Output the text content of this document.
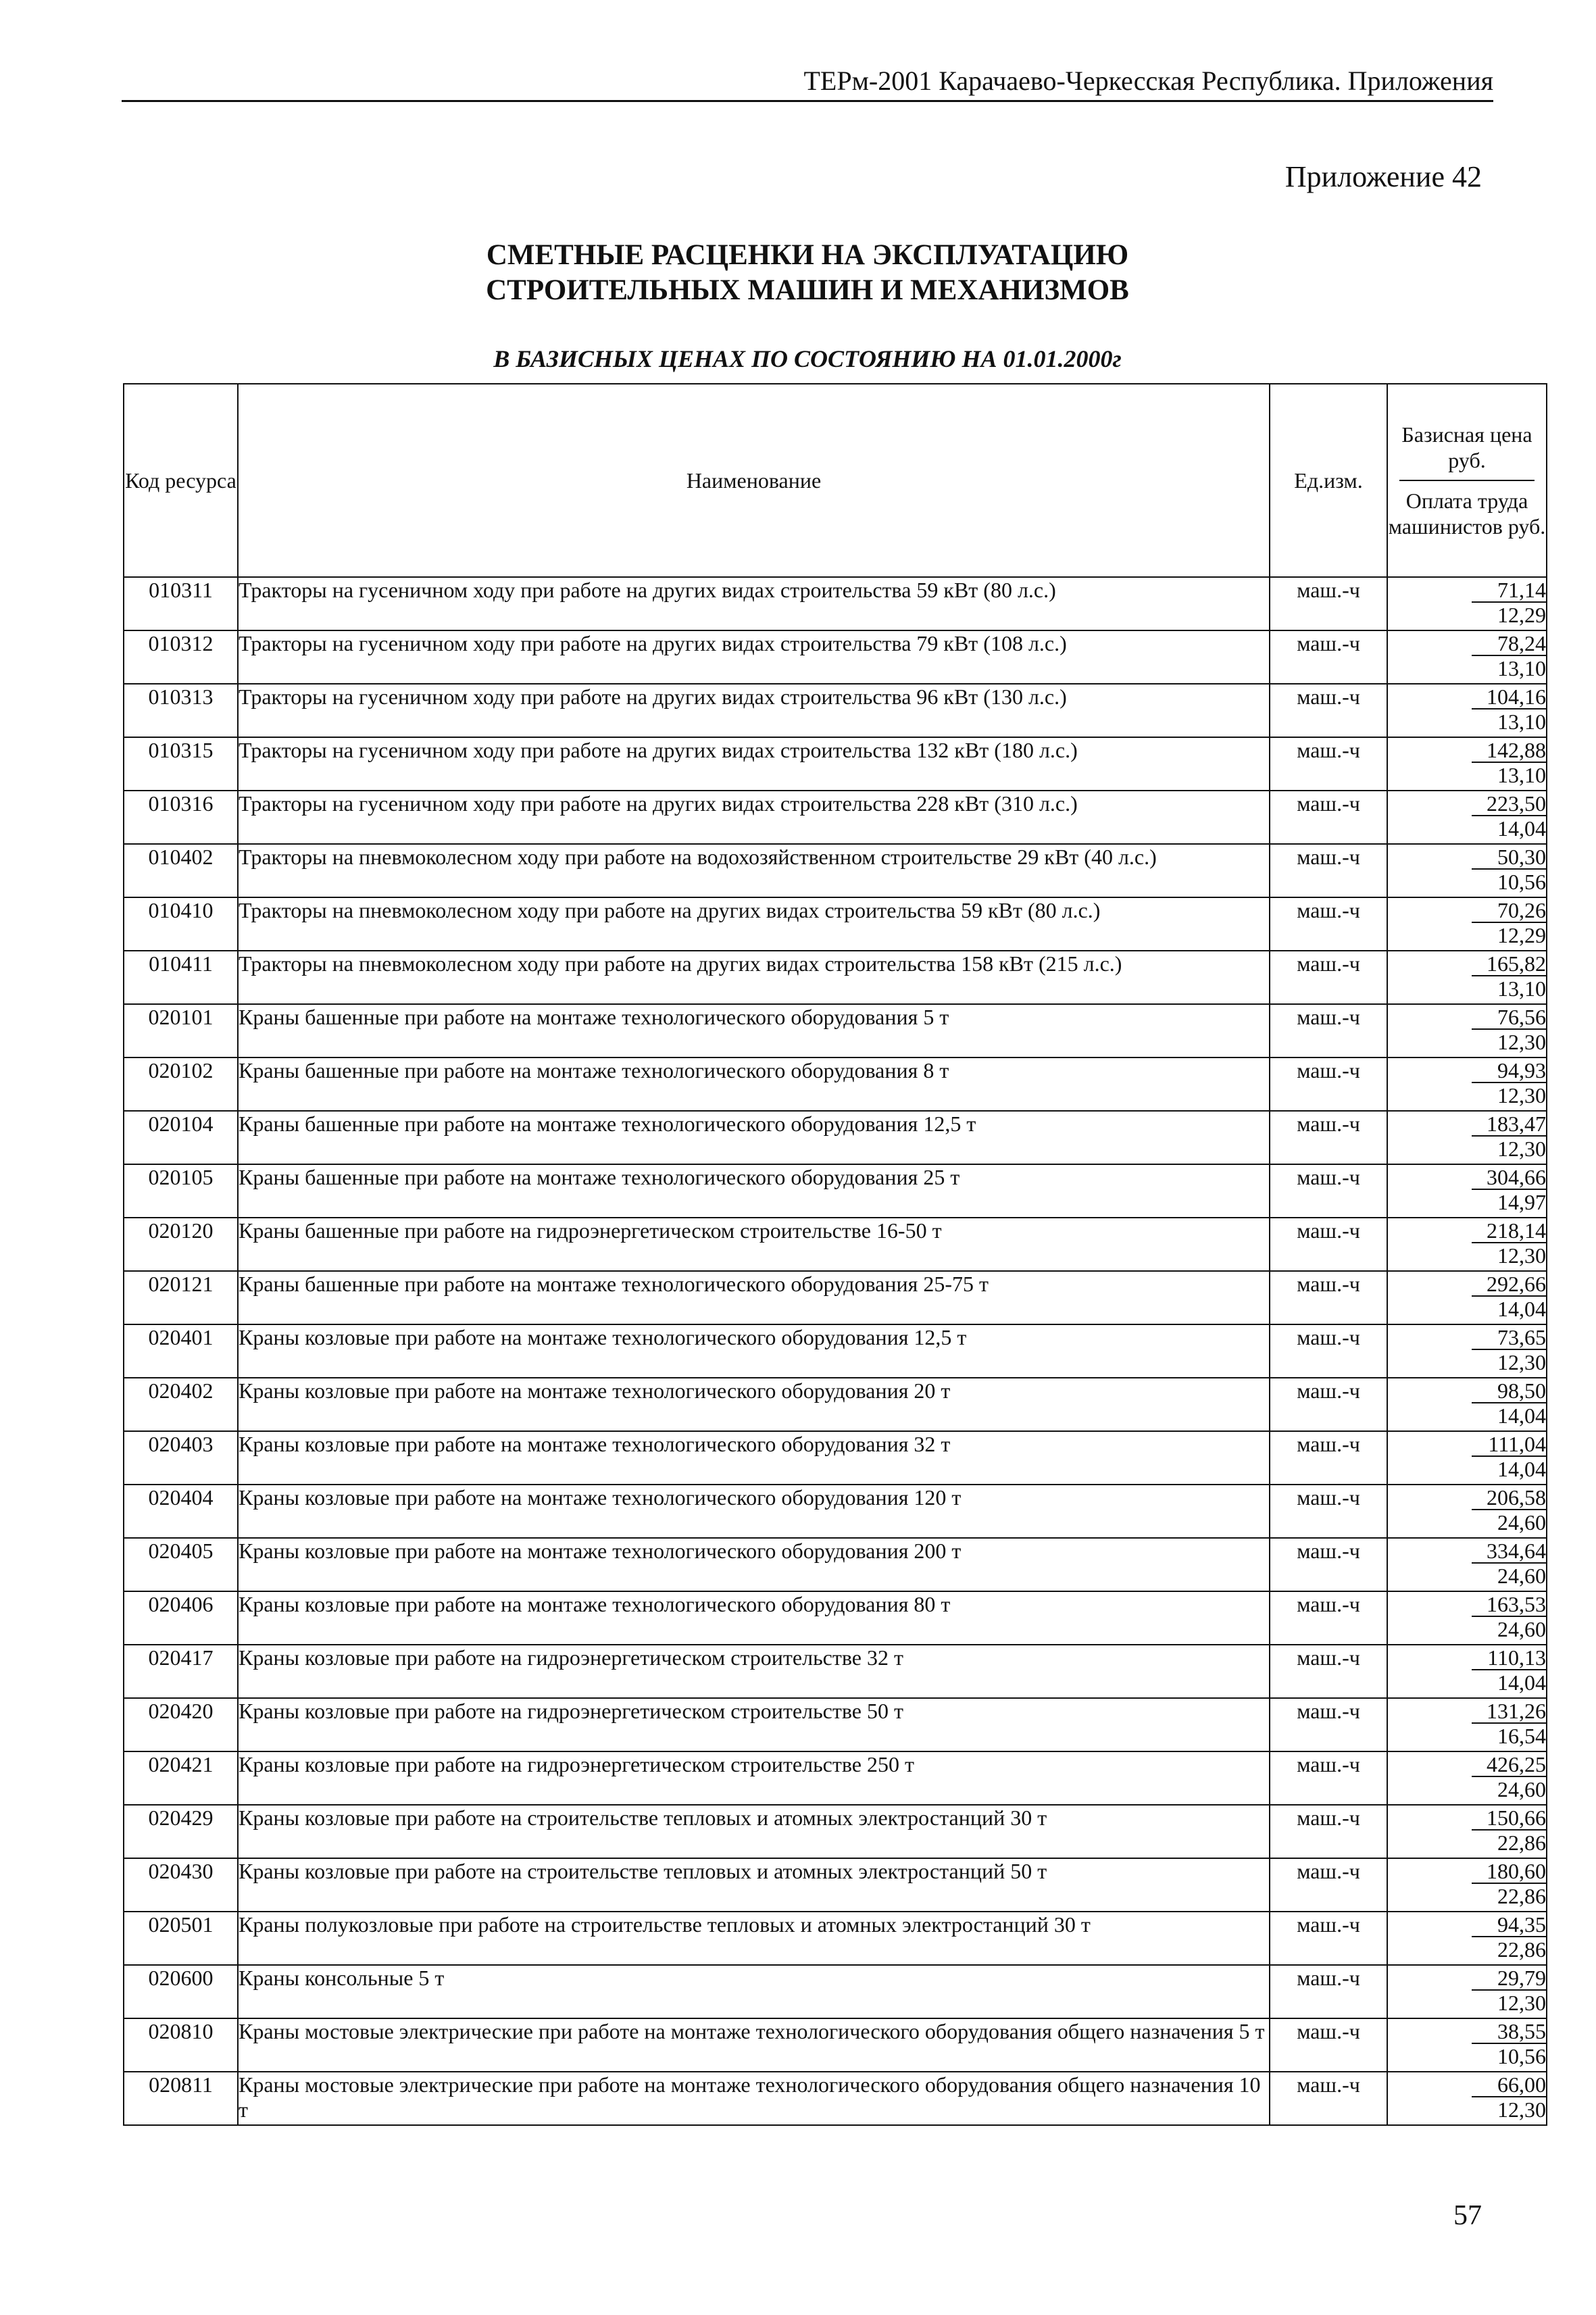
ТЕРм-2001 Карачаево-Черкесская Республика. Приложения
Приложение 42
СМЕТНЫЕ РАСЦЕНКИ НА ЭКСПЛУАТАЦИЮ
СТРОИТЕЛЬНЫХ МАШИН И МЕХАНИЗМОВ
В БАЗИСНЫХ ЦЕНАХ ПО СОСТОЯНИЮ НА 01.01.2000г
Код ресурса	Наименование	Ед.изм.	Базисная цена руб.
Оплата труда машинистов руб.

010311	Тракторы на гусеничном ходу при работе на других видах строительства 59 кВт (80 л.с.)	маш.-ч	71,14
12,29

010312	Тракторы на гусеничном ходу при работе на других видах строительства 79 кВт (108 л.с.)	маш.-ч	78,24
13,10

010313	Тракторы на гусеничном ходу при работе на других видах строительства 96 кВт (130 л.с.)	маш.-ч	104,16
13,10

010315	Тракторы на гусеничном ходу при работе на других видах строительства 132 кВт (180 л.с.)	маш.-ч	142,88
13,10

010316	Тракторы на гусеничном ходу при работе на других видах строительства 228 кВт (310 л.с.)	маш.-ч	223,50
14,04

010402	Тракторы на пневмоколесном ходу при работе на водохозяйственном строительстве 29 кВт (40 л.с.)	маш.-ч	50,30
10,56

010410	Тракторы на пневмоколесном ходу при работе на других видах строительства 59 кВт (80 л.с.)	маш.-ч	70,26
12,29

010411	Тракторы на пневмоколесном ходу при работе на других видах строительства 158 кВт (215 л.с.)	маш.-ч	165,82
13,10

020101	Краны башенные при работе на монтаже технологического оборудования 5 т	маш.-ч	76,56
12,30

020102	Краны башенные при работе на монтаже технологического оборудования 8 т	маш.-ч	94,93
12,30

020104	Краны башенные при работе на монтаже технологического оборудования 12,5 т	маш.-ч	183,47
12,30

020105	Краны башенные при работе на монтаже технологического оборудования 25 т	маш.-ч	304,66
14,97

020120	Краны башенные при работе на гидроэнергетическом строительстве 16-50 т	маш.-ч	218,14
12,30

020121	Краны башенные при работе на монтаже технологического оборудования 25-75 т	маш.-ч	292,66
14,04

020401	Краны козловые при работе на монтаже технологического оборудования 12,5 т	маш.-ч	73,65
12,30

020402	Краны козловые при работе на монтаже технологического оборудования 20 т	маш.-ч	98,50
14,04

020403	Краны козловые при работе на монтаже технологического оборудования 32 т	маш.-ч	111,04
14,04

020404	Краны козловые при работе на монтаже технологического оборудования 120 т	маш.-ч	206,58
24,60

020405	Краны козловые при работе на монтаже технологического оборудования 200 т	маш.-ч	334,64
24,60

020406	Краны козловые при работе на монтаже технологического оборудования 80 т	маш.-ч	163,53
24,60

020417	Краны козловые при работе на гидроэнергетическом строительстве 32 т	маш.-ч	110,13
14,04

020420	Краны козловые при работе на гидроэнергетическом строительстве 50 т	маш.-ч	131,26
16,54

020421	Краны козловые при работе на гидроэнергетическом строительстве 250 т	маш.-ч	426,25
24,60

020429	Краны козловые при работе на строительстве тепловых и атомных электростанций 30 т	маш.-ч	150,66
22,86

020430	Краны козловые при работе на строительстве тепловых и атомных электростанций 50 т	маш.-ч	180,60
22,86

020501	Краны полукозловые при работе на строительстве тепловых и атомных электростанций 30 т	маш.-ч	94,35
22,86

020600	Краны консольные 5 т	маш.-ч	29,79
12,30

020810	Краны мостовые электрические при работе на монтаже технологического оборудования общего назначения 5 т	маш.-ч	38,55
10,56

020811	Краны мостовые электрические при работе на монтаже технологического оборудования общего назначения 10 т	маш.-ч	66,00
12,30
57
